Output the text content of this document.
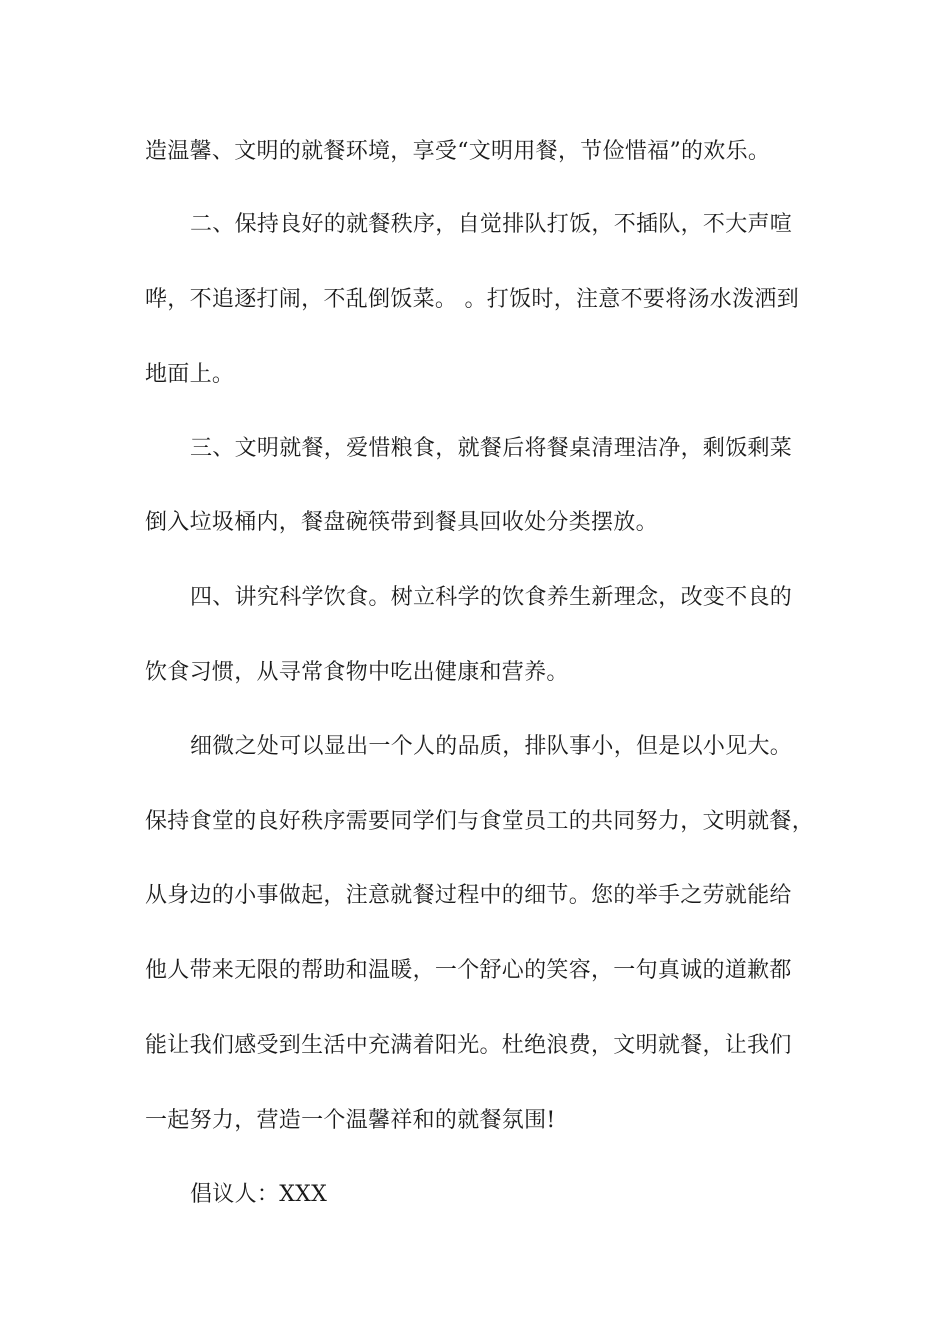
造温馨、文明的就餐环境，享受“文明用餐，节俭惜福”的欢乐。
二、保持良好的就餐秩序，自觉排队打饭，不插队，不大声喧
哗，不追逐打闹，不乱倒饭菜。 。打饭时，注意不要将汤水泼洒到
地面上。
三、文明就餐，爱惜粮食，就餐后将餐桌清理洁净，剩饭剩菜
倒入垃圾桶内，餐盘碗筷带到餐具回收处分类摆放。
四、讲究科学饮食。树立科学的饮食养生新理念，改变不良的
饮食习惯，从寻常食物中吃出健康和营养。
细微之处可以显出一个人的品质，排队事小，但是以小见大。
保持食堂的良好秩序需要同学们与食堂员工的共同努力，文明就餐，
从身边的小事做起，注意就餐过程中的细节。您的举手之劳就能给
他人带来无限的帮助和温暖，一个舒心的笑容，一句真诚的道歉都
能让我们感受到生活中充满着阳光。杜绝浪费，文明就餐，让我们
一起努力，营造一个温馨祥和的就餐氛围!
倡议人：XXX
